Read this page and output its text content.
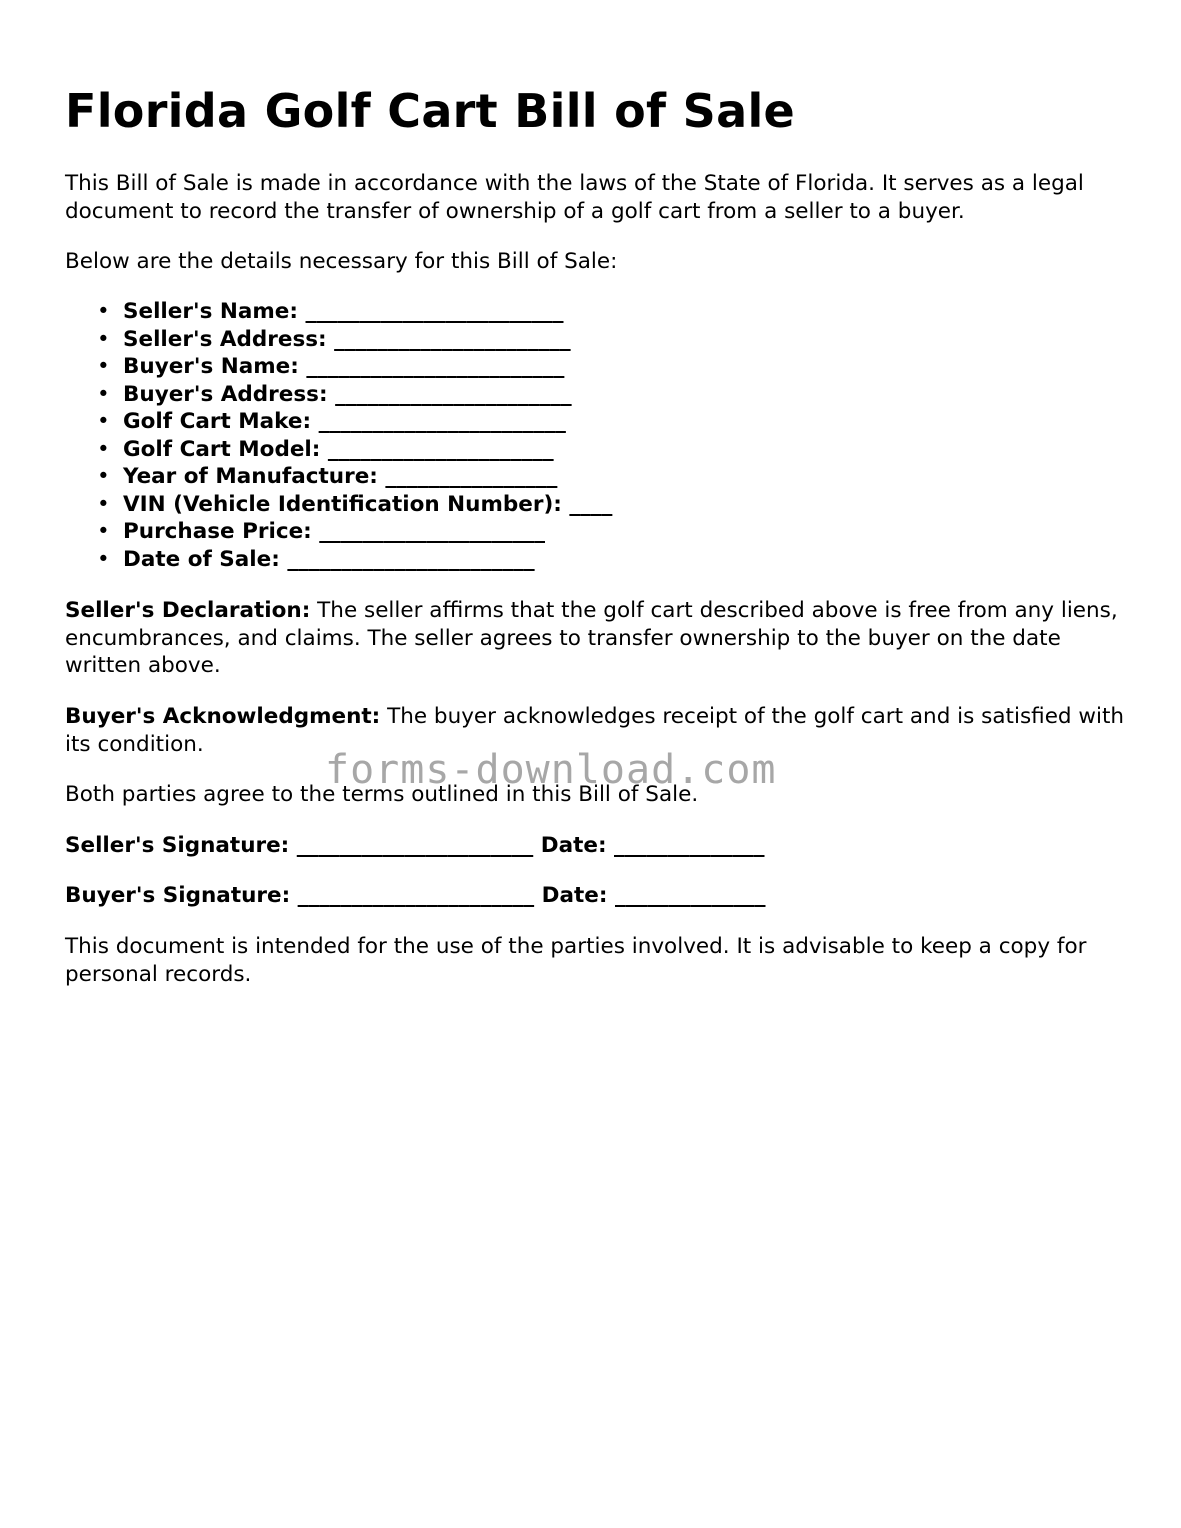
Florida Golf Cart Bill of Sale

This Bill of Sale is made in accordance with the laws of the State of Florida. It serves as a legal document to record the transfer of ownership of a golf cart from a seller to a buyer.

Below are the details necessary for this Bill of Sale:

• Seller's Name: ________________________
• Seller's Address: ______________________
• Buyer's Name: ________________________
• Buyer's Address: ______________________
• Golf Cart Make: _______________________
• Golf Cart Model: _____________________
• Year of Manufacture: ________________
• VIN (Vehicle Identification Number): ____
• Purchase Price: _____________________
• Date of Sale: _______________________

Seller's Declaration: The seller affirms that the golf cart described above is free from any liens, encumbrances, and claims. The seller agrees to transfer ownership to the buyer on the date written above.

Buyer's Acknowledgment: The buyer acknowledges receipt of the golf cart and is satisfied with its condition.

Both parties agree to the terms outlined in this Bill of Sale.

Seller's Signature: ______________________ Date: ______________

Buyer's Signature: ______________________ Date: ______________

This document is intended for the use of the parties involved. It is advisable to keep a copy for personal records.

forms-download.com
